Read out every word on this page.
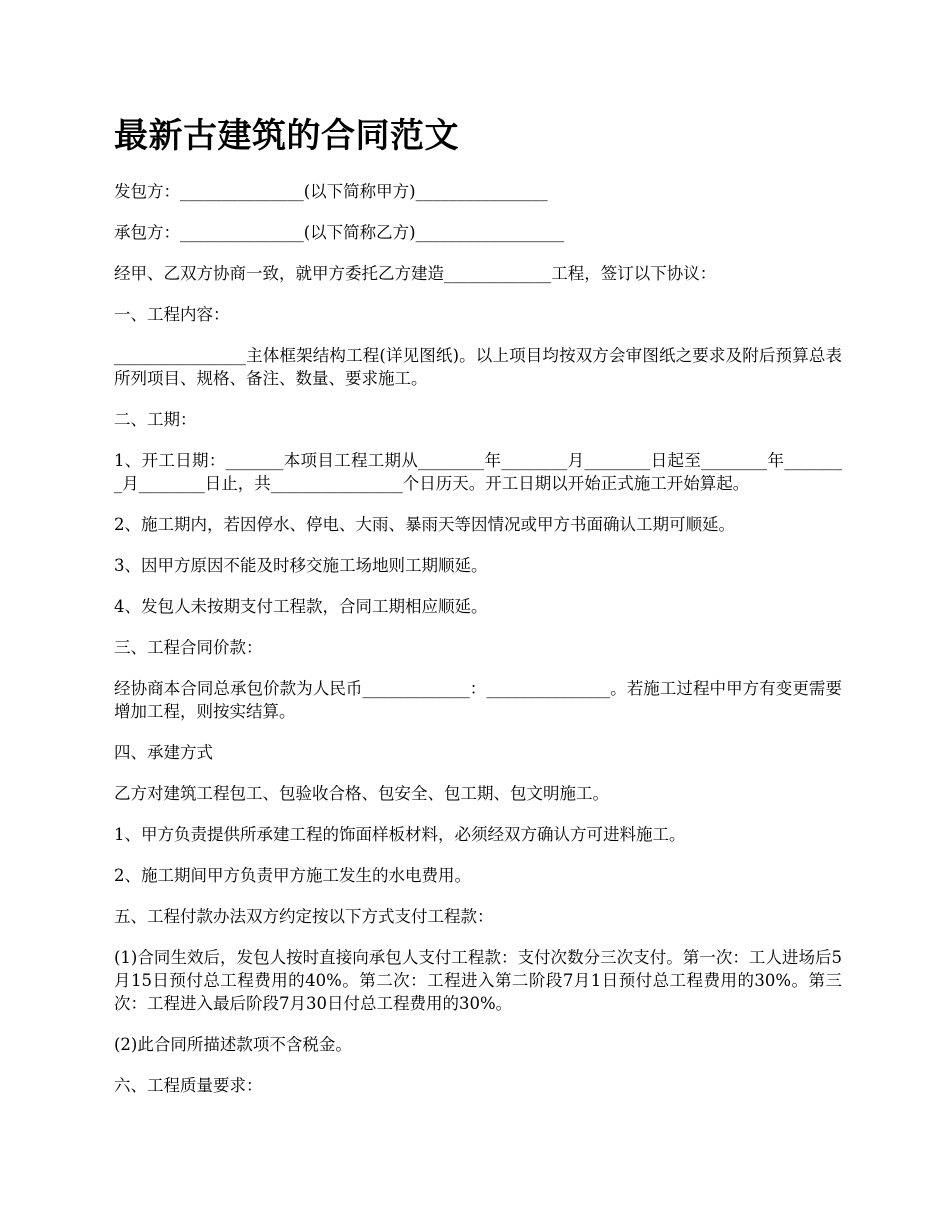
最新古建筑的合同范文

发包方：_______________(以下简称甲方)________________

承包方：_______________(以下简称乙方)__________________

经甲、乙双方协商一致，就甲方委托乙方建造_____________工程，签订以下协议：

一、工程内容：

________________主体框架结构工程(详见图纸)。以上项目均按双方会审图纸之要求及附后预算总表所列项目、规格、备注、数量、要求施工。

二、工期：

1、开工日期：_______本项目工程工期从________年________月________日起至________年________月________日止，共________________个日历天。开工日期以开始正式施工开始算起。

2、施工期内，若因停水、停电、大雨、暴雨天等因情况或甲方书面确认工期可顺延。

3、因甲方原因不能及时移交施工场地则工期顺延。

4、发包人未按期支付工程款，合同工期相应顺延。

三、工程合同价款：

经协商本合同总承包价款为人民币_____________：_______________。若施工过程中甲方有变更需要增加工程，则按实结算。

四、承建方式

乙方对建筑工程包工、包验收合格、包安全、包工期、包文明施工。

1、甲方负责提供所承建工程的饰面样板材料，必须经双方确认方可进料施工。

2、施工期间甲方负责甲方施工发生的水电费用。

五、工程付款办法双方约定按以下方式支付工程款：

(1)合同生效后，发包人按时直接向承包人支付工程款：支付次数分三次支付。第一次：工人进场后5月15日预付总工程费用的40%。第二次：工程进入第二阶段7月1日预付总工程费用的30%。第三次：工程进入最后阶段7月30日付总工程费用的30%。

(2)此合同所描述款项不含税金。

六、工程质量要求：
